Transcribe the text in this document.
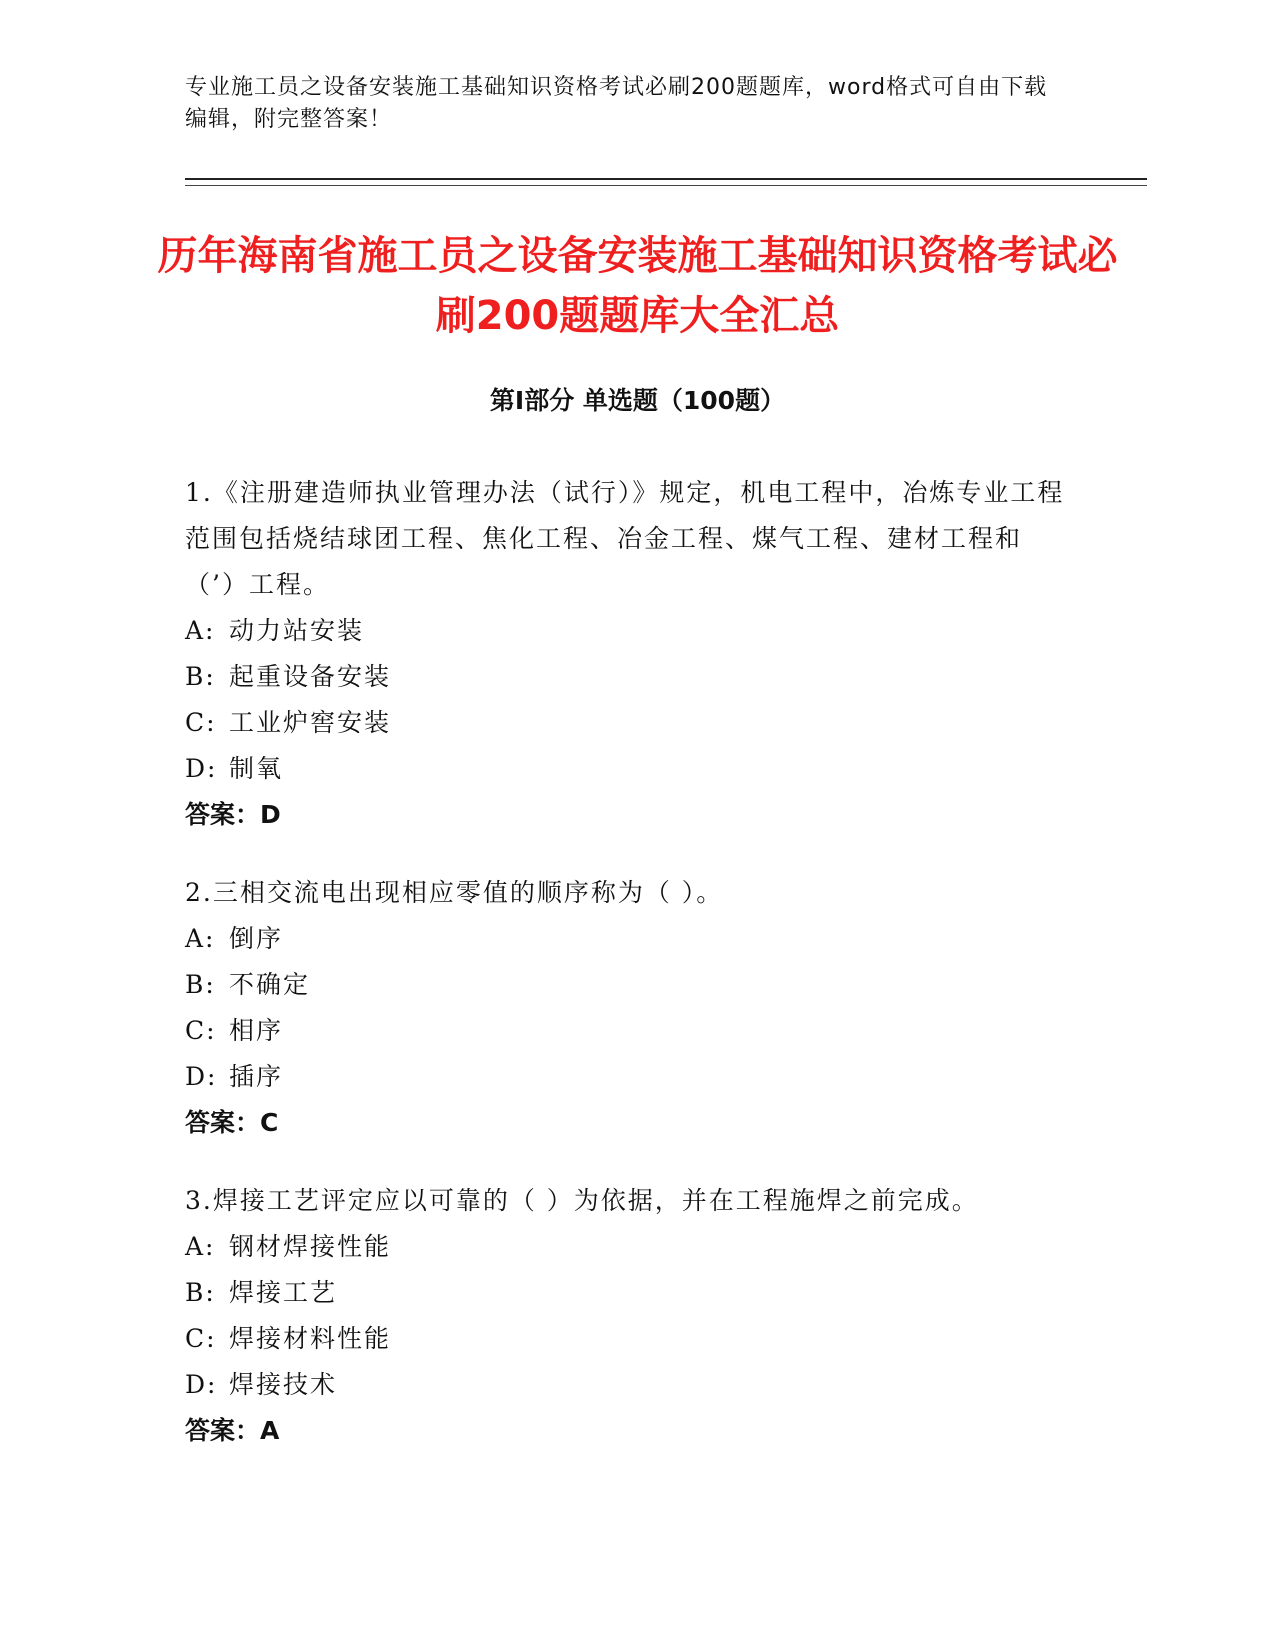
专业施工员之设备安装施工基础知识资格考试必刷200题题库，word格式可自由下载编辑，附完整答案！
历年海南省施工员之设备安装施工基础知识资格考试必刷200题题库大全汇总
第Ⅰ部分 单选题（100题）
1.《注册建造师执业管理办法（试行）》规定，机电工程中，冶炼专业工程范围包括烧结球团工程、焦化工程、冶金工程、煤气工程、建材工程和（’）工程。
A: 动力站安装
B: 起重设备安装
C: 工业炉窖安装
D: 制氧
答案：D
2.三相交流电出现相应零值的顺序称为（ ）。
A: 倒序
B: 不确定
C: 相序
D: 插序
答案：C
3.焊接工艺评定应以可靠的（ ）为依据，并在工程施焊之前完成。
A: 钢材焊接性能
B: 焊接工艺
C: 焊接材料性能
D: 焊接技术
答案：A
